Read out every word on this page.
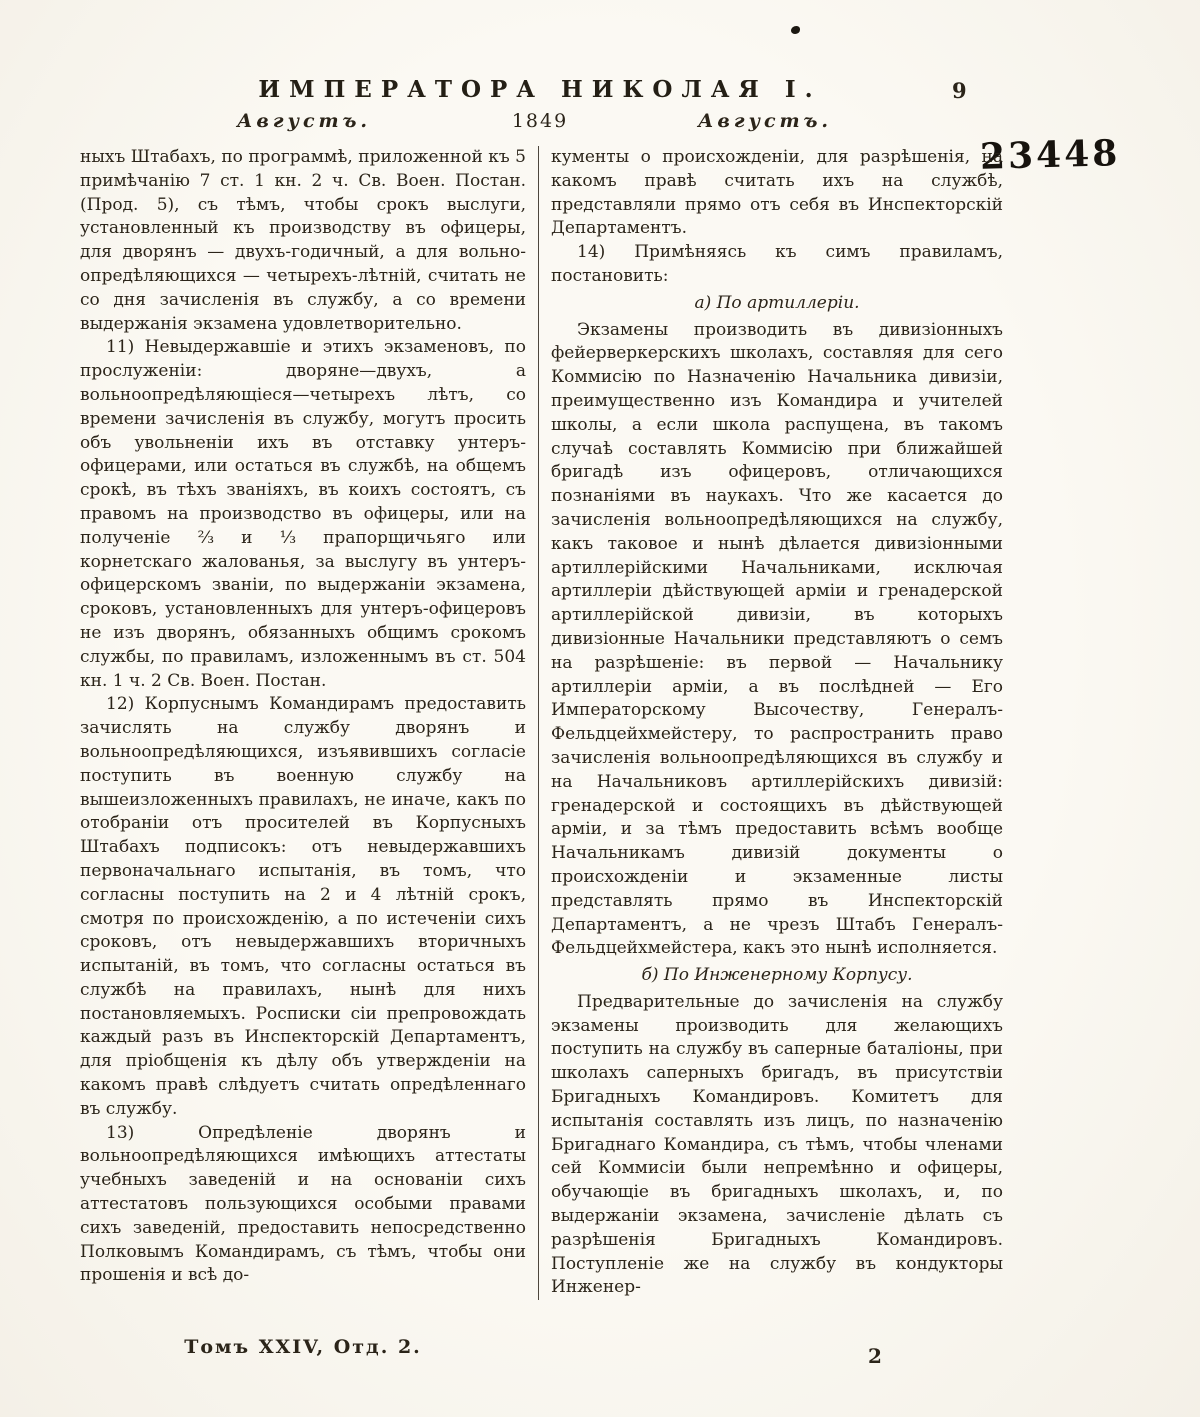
ИМПЕРАТОРА НИКОЛАЯ I.	9
Августъ.	1849	Августъ.
23448

ныхъ Штабахъ, по программѣ, приложенной къ 5 примѣчанію 7 ст. 1 кн. 2 ч. Св. Воен. Постан. (Прод. 5), съ тѣмъ, чтобы срокъ выслуги, установленный къ производству въ офицеры, для дворянъ — двухъ-годичный, а для вольно-опредѣляющихся — четырехъ-лѣтній, считать не со дня зачисленія въ службу, а со времени выдержанія экзамена удовлетворительно.

11) Невыдержавшіе и этихъ экзаменовъ, по прослуженіи: дворяне—двухъ, а вольноопредѣляющіеся—четырехъ лѣтъ, со времени зачисленія въ службу, могутъ просить объ увольненіи ихъ въ отставку унтеръ-офицерами, или остаться въ службѣ, на общемъ срокѣ, въ тѣхъ званіяхъ, въ коихъ состоятъ, съ правомъ на производство въ офицеры, или на полученіе ⅔ и ⅓ прапорщичьяго или корнетскаго жалованья, за выслугу въ унтеръ-офицерскомъ званіи, по выдержаніи экзамена, сроковъ, установленныхъ для унтеръ-офицеровъ не изъ дворянъ, обязанныхъ общимъ срокомъ службы, по правиламъ, изложеннымъ въ ст. 504 кн. 1 ч. 2 Св. Воен. Постан.

12) Корпуснымъ Командирамъ предоставить зачислять на службу дворянъ и вольноопредѣляющихся, изъявившихъ согласіе поступить въ военную службу на вышеизложенныхъ правилахъ, не иначе, какъ по отобраніи отъ просителей въ Корпусныхъ Штабахъ подписокъ: отъ невыдержавшихъ первоначальнаго испытанія, въ томъ, что согласны поступить на 2 и 4 лѣтній срокъ, смотря по происхожденію, а по истеченіи сихъ сроковъ, отъ невыдержавшихъ вторичныхъ испытаній, въ томъ, что согласны остаться въ службѣ на правилахъ, нынѣ для нихъ постановляемыхъ. Росписки сіи препровождать каждый разъ въ Инспекторскій Департаментъ, для пріобщенія къ дѣлу объ утвержденіи на какомъ правѣ слѣдуетъ считать опредѣленнаго въ службу.

13) Опредѣленіе дворянъ и вольноопредѣляющихся имѣющихъ аттестаты учебныхъ заведеній и на основаніи сихъ аттестатовъ пользующихся особыми правами сихъ заведеній, предоставить непосредственно Полковымъ Командирамъ, съ тѣмъ, чтобы они прошенія и всѣ до-

кументы о происхожденіи, для разрѣшенія, на какомъ правѣ считать ихъ на службѣ, представляли прямо отъ себя въ Инспекторскій Департаментъ.

14) Примѣняясь къ симъ правиламъ, постановить:

а) По артиллеріи.

Экзамены производить въ дивизіонныхъ фейерверкерскихъ школахъ, составляя для сего Коммисію по Назначенію Начальника дивизіи, преимущественно изъ Командира и учителей школы, а если школа распущена, въ такомъ случаѣ составлять Коммисію при ближайшей бригадѣ изъ офицеровъ, отличающихся познаніями въ наукахъ. Что же касается до зачисленія вольноопредѣляющихся на службу, какъ таковое и нынѣ дѣлается дивизіонными артиллерійскими Начальниками, исключая артиллеріи дѣйствующей арміи и гренадерской артиллерійской дивизіи, въ которыхъ дивизіонные Начальники представляютъ о семъ на разрѣшеніе: въ первой — Начальнику артиллеріи арміи, а въ послѣдней — Его Императорскому Высочеству, Генералъ-Фельдцейхмейстеру, то распространить право зачисленія вольноопредѣляющихся въ службу и на Начальниковъ артиллерійскихъ дивизій: гренадерской и состоящихъ въ дѣйствующей арміи, и за тѣмъ предоставить всѣмъ вообще Начальникамъ дивизій документы о происхожденіи и экзаменные листы представлять прямо въ Инспекторскій Департаментъ, а не чрезъ Штабъ Генералъ-Фельдцейхмейстера, какъ это нынѣ исполняется.

б) По Инженерному Корпусу.

Предварительные до зачисленія на службу экзамены производить для желающихъ поступить на службу въ саперные баталіоны, при школахъ саперныхъ бригадъ, въ присутствіи Бригадныхъ Командировъ. Комитетъ для испытанія составлять изъ лицъ, по назначенію Бригаднаго Командира, съ тѣмъ, чтобы членами сей Коммисіи были непремѣнно и офицеры, обучающіе въ бригадныхъ школахъ, и, по выдержаніи экзамена, зачисленіе дѣлать съ разрѣшенія Бригадныхъ Командировъ. Поступленіе же на службу въ кондукторы Инженер-

Томъ XXIV, Отд. 2.	2
